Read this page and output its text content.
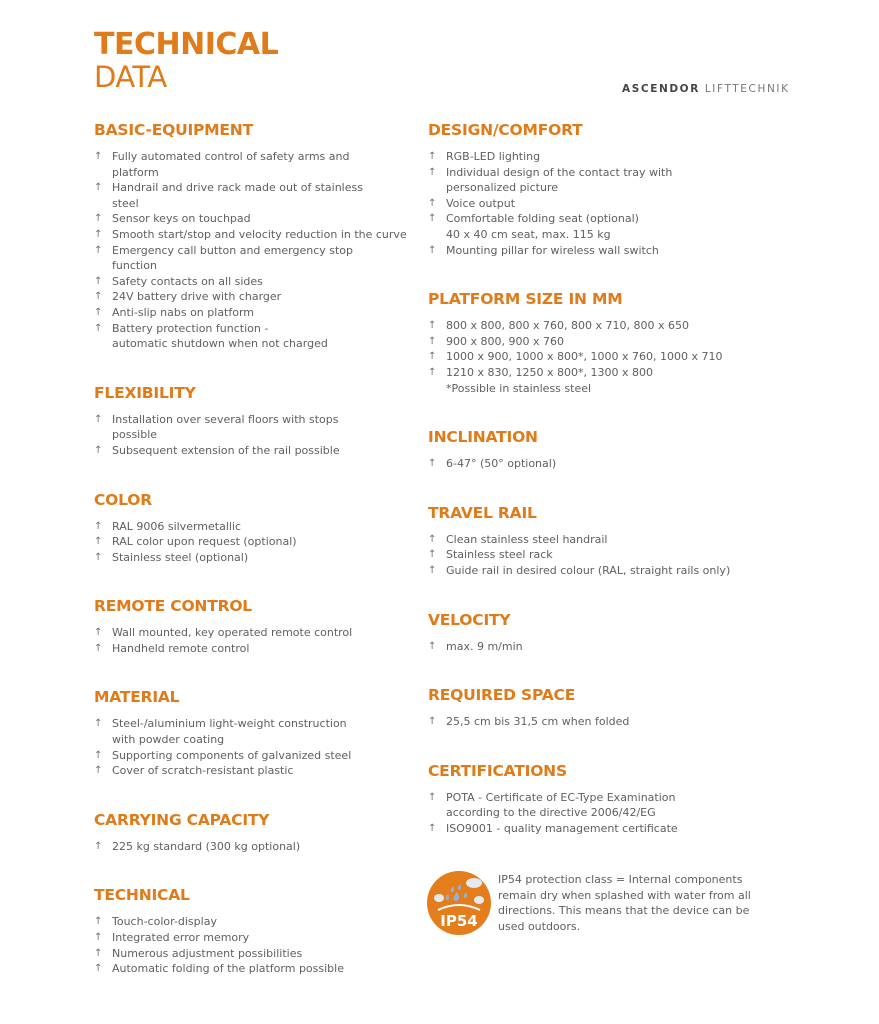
TECHNICAL
DATA	ASCENDOR LIFTTECHNIK
BASIC-EQUIPMENT
↑ Fully automated control of safety arms and
platform
↑ Handrail and drive rack made out of stainless
steel
↑ Sensor keys on touchpad
↑ Smooth start/stop and velocity reduction in the curve
↑ Emergency call button and emergency stop
function
↑ Safety contacts on all sides
↑ 24V battery drive with charger
↑ Anti-slip nabs on platform
↑ Battery protection function -
automatic shutdown when not charged
FLEXIBILITY
↑ Installation over several floors with stops
possible
↑ Subsequent extension of the rail possible
COLOR
↑ RAL 9006 silvermetallic
↑ RAL color upon request (optional)
↑ Stainless steel (optional)
REMOTE CONTROL
↑ Wall mounted, key operated remote control
↑ Handheld remote control
MATERIAL
↑ Steel-/aluminium light-weight construction
with powder coating
↑ Supporting components of galvanized steel
↑ Cover of scratch-resistant plastic
CARRYING CAPACITY
↑ 225 kg standard (300 kg optional)
TECHNICAL
↑ Touch-color-display
↑ Integrated error memory
↑ Numerous adjustment possibilities
↑ Automatic folding of the platform possible
DESIGN/COMFORT
↑ RGB-LED lighting
↑ Individual design of the contact tray with
personalized picture
↑ Voice output
↑ Comfortable folding seat (optional)
40 x 40 cm seat, max. 115 kg
↑ Mounting pillar for wireless wall switch
PLATFORM SIZE IN MM
↑ 800 x 800, 800 x 760, 800 x 710, 800 x 650
↑ 900 x 800, 900 x 760
↑ 1000 x 900, 1000 x 800*, 1000 x 760, 1000 x 710
↑ 1210 x 830, 1250 x 800*, 1300 x 800
*Possible in stainless steel
INCLINATION
↑ 6-47° (50° optional)
TRAVEL RAIL
↑ Clean stainless steel handrail
↑ Stainless steel rack
↑ Guide rail in desired colour (RAL, straight rails only)
VELOCITY
↑ max. 9 m/min
REQUIRED SPACE
↑ 25,5 cm bis 31,5 cm when folded
CERTIFICATIONS
↑ POTA - Certificate of EC-Type Examination
according to the directive 2006/42/EG
↑ ISO9001 - quality management certificate
IP54
IP54 protection class = Internal components remain dry when splashed with water from all directions. This means that the device can be used outdoors.
